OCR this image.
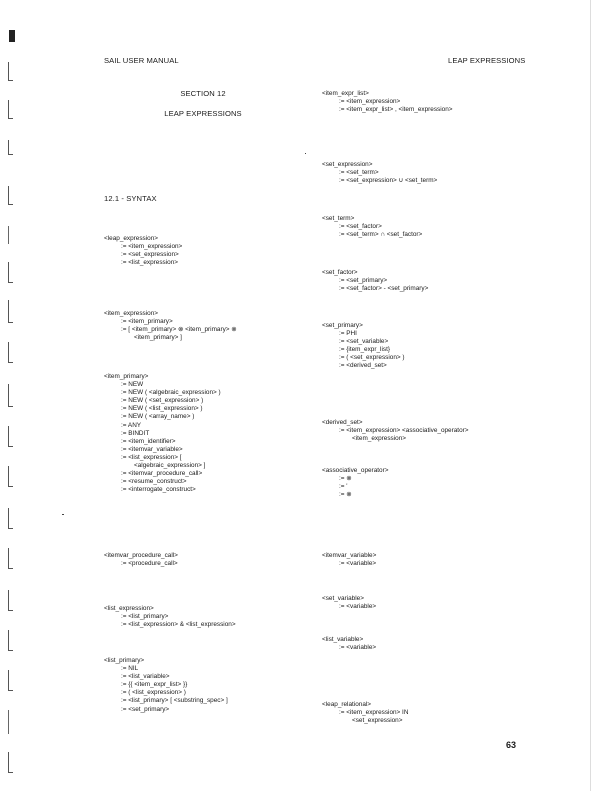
SAIL USER MANUAL	LEAP EXPRESSIONS
SECTION 12
LEAP EXPRESSIONS
12.1 - SYNTAX
<leap_expression>
:= <item_expression>
:= <set_expression>
:= <list_expression>
<item_expression>
:= <item_primary>
:= [ <item_primary> ⊗ <item_primary> ⊗
<item_primary> ]
<item_primary>
:= NEW
:= NEW ( <algebraic_expression> )
:= NEW ( <set_expression> )
:= NEW ( <list_expression> )
:= NEW ( <array_name> )
:= ANY
:= BINDIT
:= <item_identifier>
:= <itemvar_variable>
:= <list_expression> [
<algebraic_expression> ]
:= <itemvar_procedure_call>
:= <resume_construct>
:= <interrogate_construct>
<itemvar_procedure_call>
:= <procedure_call>
<list_expression>
:= <list_primary>
:= <list_expression> & <list_expression>
<list_primary>
:= NIL
:= <list_variable>
:= {{ <item_expr_list> }}
:= ( <list_expression> )
:= <list_primary> [ <substring_spec> ]
:= <set_primary>
<item_expr_list>
:= <item_expression>
:= <item_expr_list> , <item_expression>
<set_expression>
:= <set_term>
:= <set_expression> ∪ <set_term>
<set_term>
:= <set_factor>
:= <set_term> ∩ <set_factor>
<set_factor>
:= <set_primary>
:= <set_factor> - <set_primary>
<set_primary>
:= PHI
:= <set_variable>
:= {item_expr_list}
:= ( <set_expression> )
:= <derived_set>
<derived_set>
:= <item_expression> <associative_operator>
<item_expression>
<associative_operator>
:= ⊗
:= '
:= ⊗
<itemvar_variable>
:= <variable>
<set_variable>
:= <variable>
<list_variable>
:= <variable>
<leap_relational>
:= <item_expression> IN
<set_expression>
63
